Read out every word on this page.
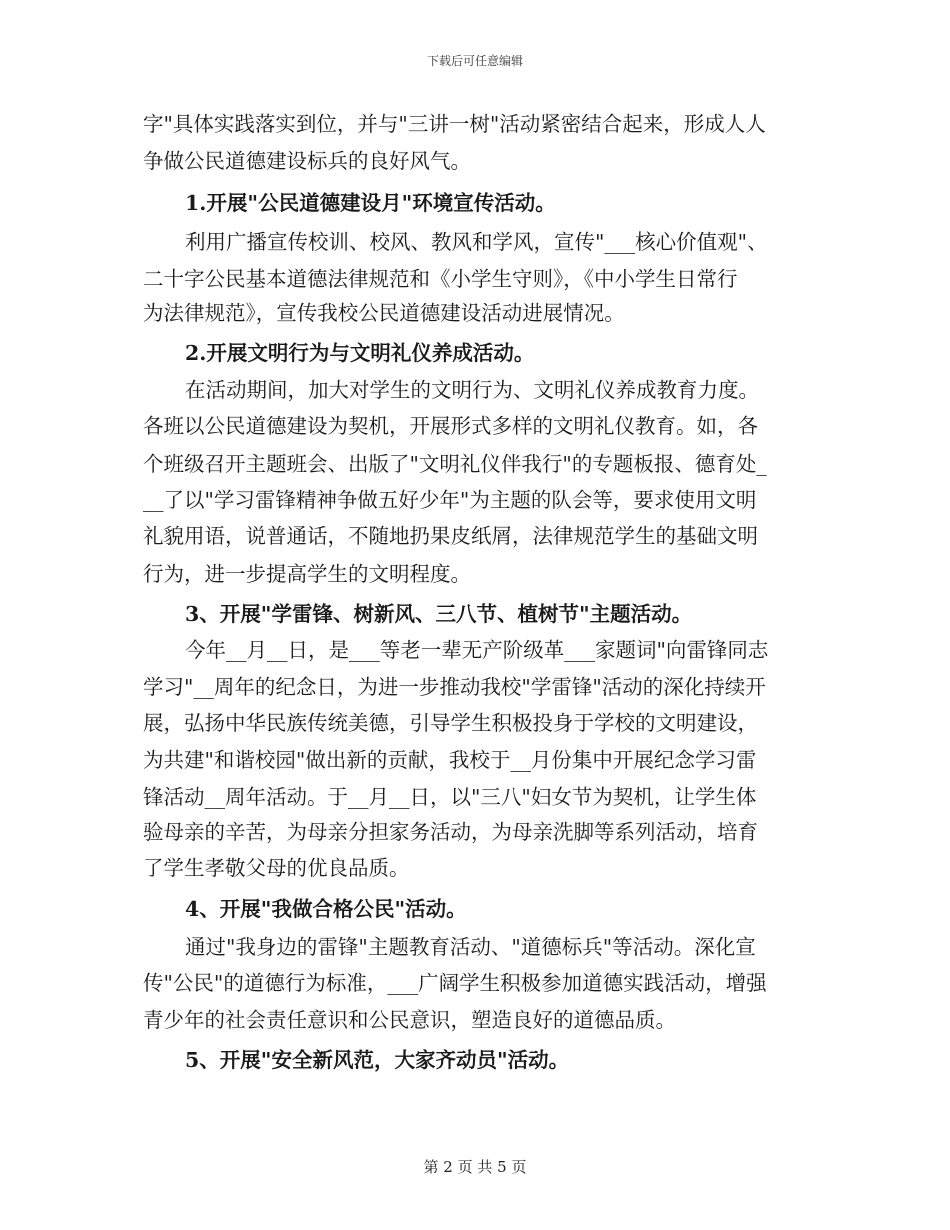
下载后可任意编辑
字"具体实践落实到位，并与"三讲一树"活动紧密结合起来，形成人人
争做公民道德建设标兵的良好风气。
1.开展"公民道德建设月"环境宣传活动。
利用广播宣传校训、校风、教风和学风，宣传"___核心价值观"、
二十字公民基本道德法律规范和《小学生守则》，《中小学生日常行
为法律规范》，宣传我校公民道德建设活动进展情况。
2.开展文明行为与文明礼仪养成活动。
在活动期间，加大对学生的文明行为、文明礼仪养成教育力度。
各班以公民道德建设为契机，开展形式多样的文明礼仪教育。如，各
个班级召开主题班会、出版了"文明礼仪伴我行"的专题板报、德育处_
__了以"学习雷锋精神争做五好少年"为主题的队会等，要求使用文明
礼貌用语，说普通话，不随地扔果皮纸屑，法律规范学生的基础文明
行为，进一步提高学生的文明程度。
3、开展"学雷锋、树新风、三八节、植树节"主题活动。
今年__月__日，是___等老一辈无产阶级革___家题词"向雷锋同志
学习"__周年的纪念日，为进一步推动我校"学雷锋"活动的深化持续开
展，弘扬中华民族传统美德，引导学生积极投身于学校的文明建设，
为共建"和谐校园"做出新的贡献，我校于__月份集中开展纪念学习雷
锋活动__周年活动。于__月__日，以"三八"妇女节为契机，让学生体
验母亲的辛苦，为母亲分担家务活动，为母亲洗脚等系列活动，培育
了学生孝敬父母的优良品质。
4、开展"我做合格公民"活动。
通过"我身边的雷锋"主题教育活动、"道德标兵"等活动。深化宣
传"公民"的道德行为标准，___广阔学生积极参加道德实践活动，增强
青少年的社会责任意识和公民意识，塑造良好的道德品质。
5、开展"安全新风范，大家齐动员"活动。
第 2 页 共 5 页
